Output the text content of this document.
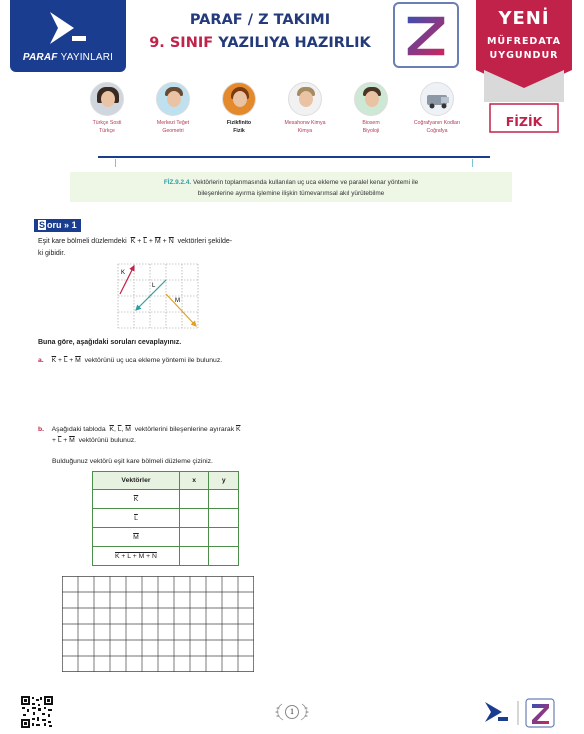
PARAF YAYINLARI
PARAF / Z TAKIMI
9. SINIF YAZILIYA HAZIRLIK
YENİ
MÜFREDATA
UYGUNDUR
FİZİK
Türkçe Sosti
Türkçe
Merkezi Teğet
Geometri
Fizikfinito
Fizik
Mesahonw Kimya
Kimya
Biosem
Biyoloji
Coğrafyanın Kodları
Coğrafya
FİZ.9.2.4. Vektörlerin toplanmasında kullanılan uç uca ekleme ve paralel kenar yöntemi ile
bileşenlerine ayırma işlemine ilişkin tümevarımsal akıl yürütebilme
S oru » 1
Eşit kare bölmeli düzlemdeki $\overline{K} + \overline{L} + \overline{M} + \overline{N}$ vektörleri şekilde-
ki gibidir.
K
L
M
Buna göre, aşağıdaki soruları cevaplayınız.
a. $\overline{K} + \overline{L} + \overline{M}$ vektörünü uç uca ekleme yöntemi ile bulunuz.
b. Aşağıdaki tabloda $\overline{K}$, $\overline{L}$, $\overline{M}$ vektörlerini bileşenlerine ayırarak $\overline{K}$
+ $\overline{L} + \overline{M}$ vektörünü bulunuz.
Bulduğunuz vektörü eşit kare bölmeli düzleme çiziniz.
Vektörler	x	y
$\overline{K}$		
$\overline{L}$		
$\overline{M}$		
K + L + M + N		
1
